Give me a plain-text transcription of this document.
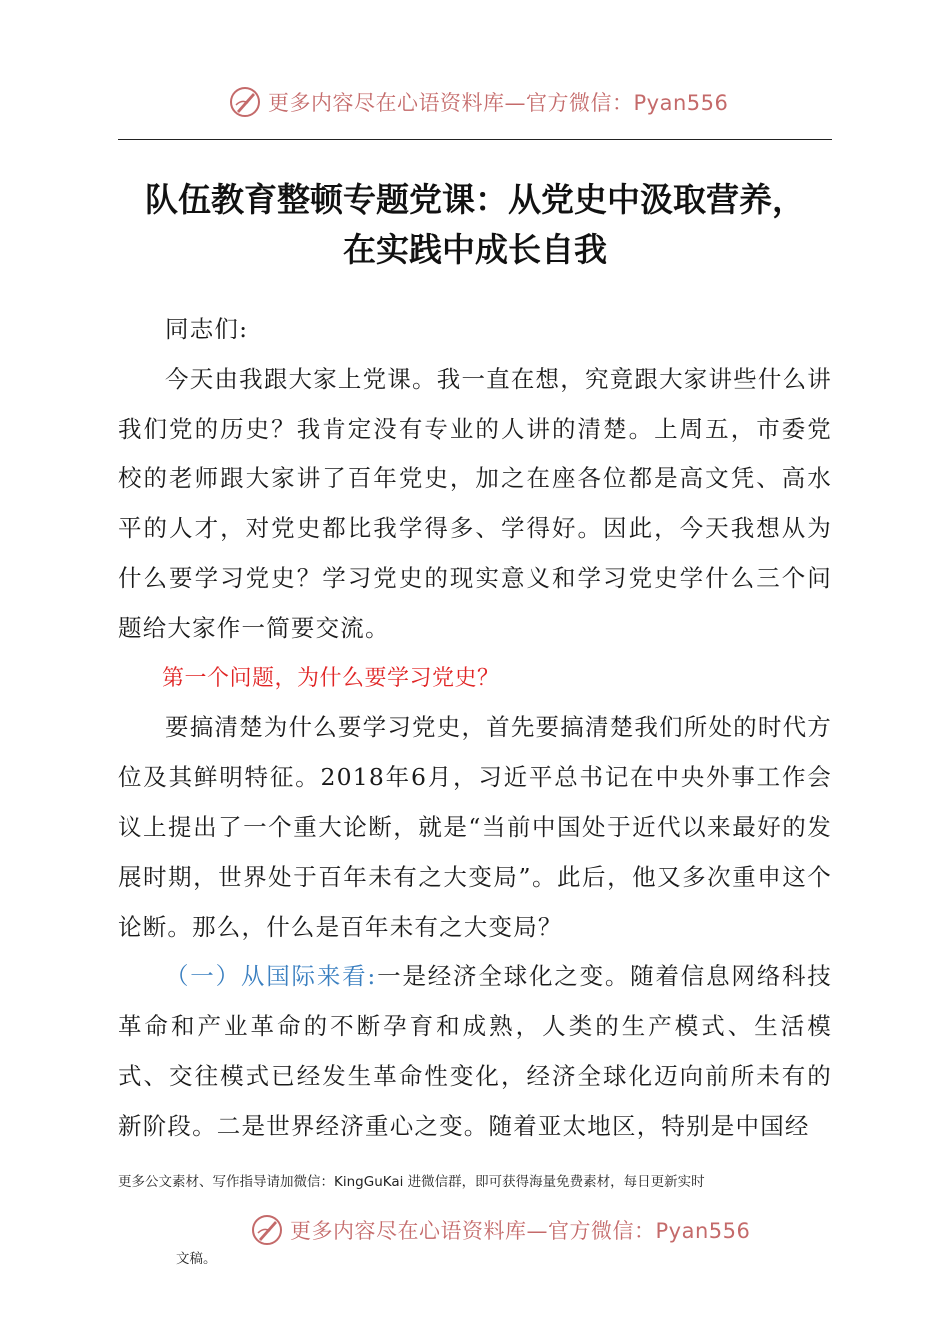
更多内容尽在心语资料库—官方微信：Pyan556
队伍教育整顿专题党课：从党史中汲取营养，
在实践中成长自我

同志们:

今天由我跟大家上党课。我一直在想，究竟跟大家讲些什么讲我们党的历史？我肯定没有专业的人讲的清楚。上周五，市委党校的老师跟大家讲了百年党史，加之在座各位都是高文凭、高水平的人才，对党史都比我学得多、学得好。因此，今天我想从为什么要学习党史？学习党史的现实意义和学习党史学什么三个问题给大家作一简要交流。

第一个问题，为什么要学习党史？

要搞清楚为什么要学习党史，首先要搞清楚我们所处的时代方位及其鲜明特征。2018年6月，习近平总书记在中央外事工作会议上提出了一个重大论断，就是“当前中国处于近代以来最好的发展时期，世界处于百年未有之大变局”。此后，他又多次重申这个论断。那么，什么是百年未有之大变局？

（一）从国际来看:一是经济全球化之变。随着信息网络科技革命和产业革命的不断孕育和成熟，人类的生产模式、生活模式、交往模式已经发生革命性变化，经济全球化迈向前所未有的新阶段。二是世界经济重心之变。随着亚太地区，特别是中国经

更多公文素材、写作指导请加微信：KingGuKai 进微信群，即可获得海量免费素材，每日更新实时
更多内容尽在心语资料库—官方微信：Pyan556
文稿。
